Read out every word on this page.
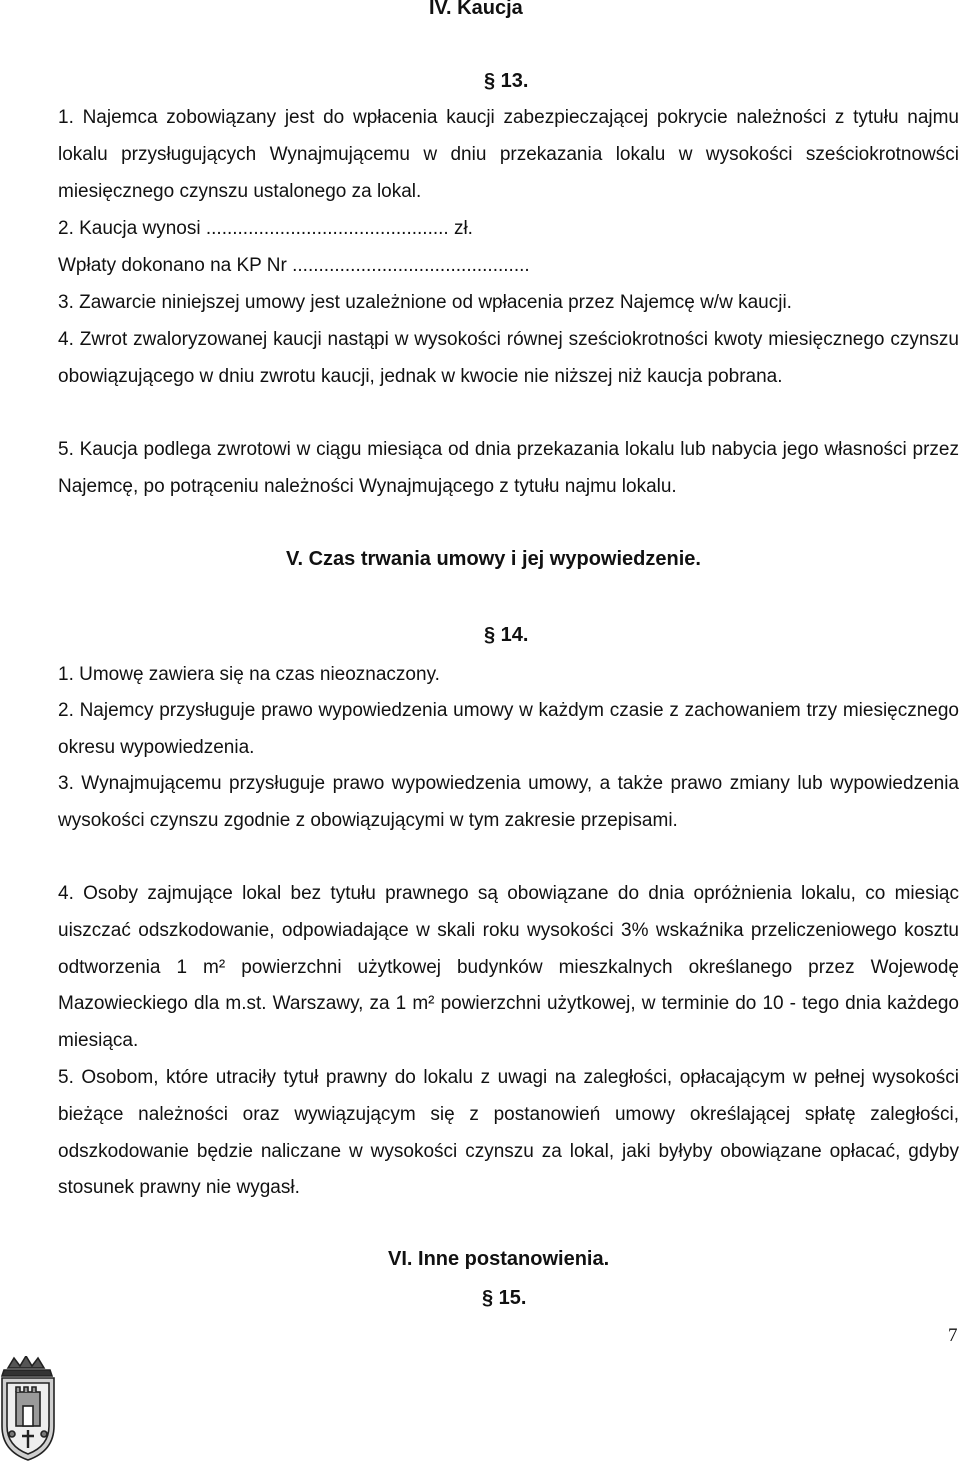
IV. Kaucja
§ 13.
1. Najemca zobowiązany jest do wpłacenia kaucji zabezpieczającej pokrycie należności z tytułu najmu lokalu przysługujących Wynajmującemu w dniu przekazania lokalu w wysokości sześciokrotnowści miesięcznego czynszu ustalonego za lokal.
2. Kaucja wynosi .............................................. zł.
Wpłaty dokonano na KP Nr .............................................
3. Zawarcie niniejszej umowy jest uzależnione od wpłacenia przez Najemcę w/w kaucji.
4. Zwrot zwaloryzowanej kaucji nastąpi w wysokości równej sześciokrotności kwoty miesięcznego czynszu obowiązującego w dniu zwrotu kaucji, jednak w kwocie nie niższej niż kaucja pobrana.
5. Kaucja podlega zwrotowi w ciągu miesiąca od dnia przekazania lokalu lub nabycia jego własności przez Najemcę, po potrąceniu należności Wynajmującego z tytułu najmu lokalu.
V. Czas trwania umowy i jej wypowiedzenie.
§ 14.
1. Umowę zawiera się na czas nieoznaczony.
2. Najemcy przysługuje prawo wypowiedzenia umowy w każdym czasie z zachowaniem trzy miesięcznego okresu wypowiedzenia.
3. Wynajmującemu przysługuje prawo wypowiedzenia umowy, a także prawo zmiany lub wypowiedzenia wysokości czynszu zgodnie z obowiązującymi w tym zakresie przepisami.
4. Osoby zajmujące lokal bez tytułu prawnego są obowiązane do dnia opróżnienia lokalu, co miesiąc uiszczać odszkodowanie, odpowiadające w skali roku wysokości 3% wskaźnika przeliczeniowego kosztu odtworzenia 1 m² powierzchni użytkowej budynków mieszkalnych określanego przez Wojewodę Mazowieckiego dla m.st. Warszawy, za 1 m² powierzchni użytkowej, w terminie do 10 - tego dnia każdego miesiąca.
5. Osobom, które utraciły tytuł prawny do lokalu z uwagi na zaległości, opłacającym w pełnej wysokości bieżące należności oraz wywiązującym się z postanowień umowy określającej spłatę zaległości, odszkodowanie będzie naliczane w wysokości czynszu za lokal, jaki byłyby obowiązane opłacać, gdyby stosunek prawny nie wygasł.
VI. Inne postanowienia.
§ 15.
7
